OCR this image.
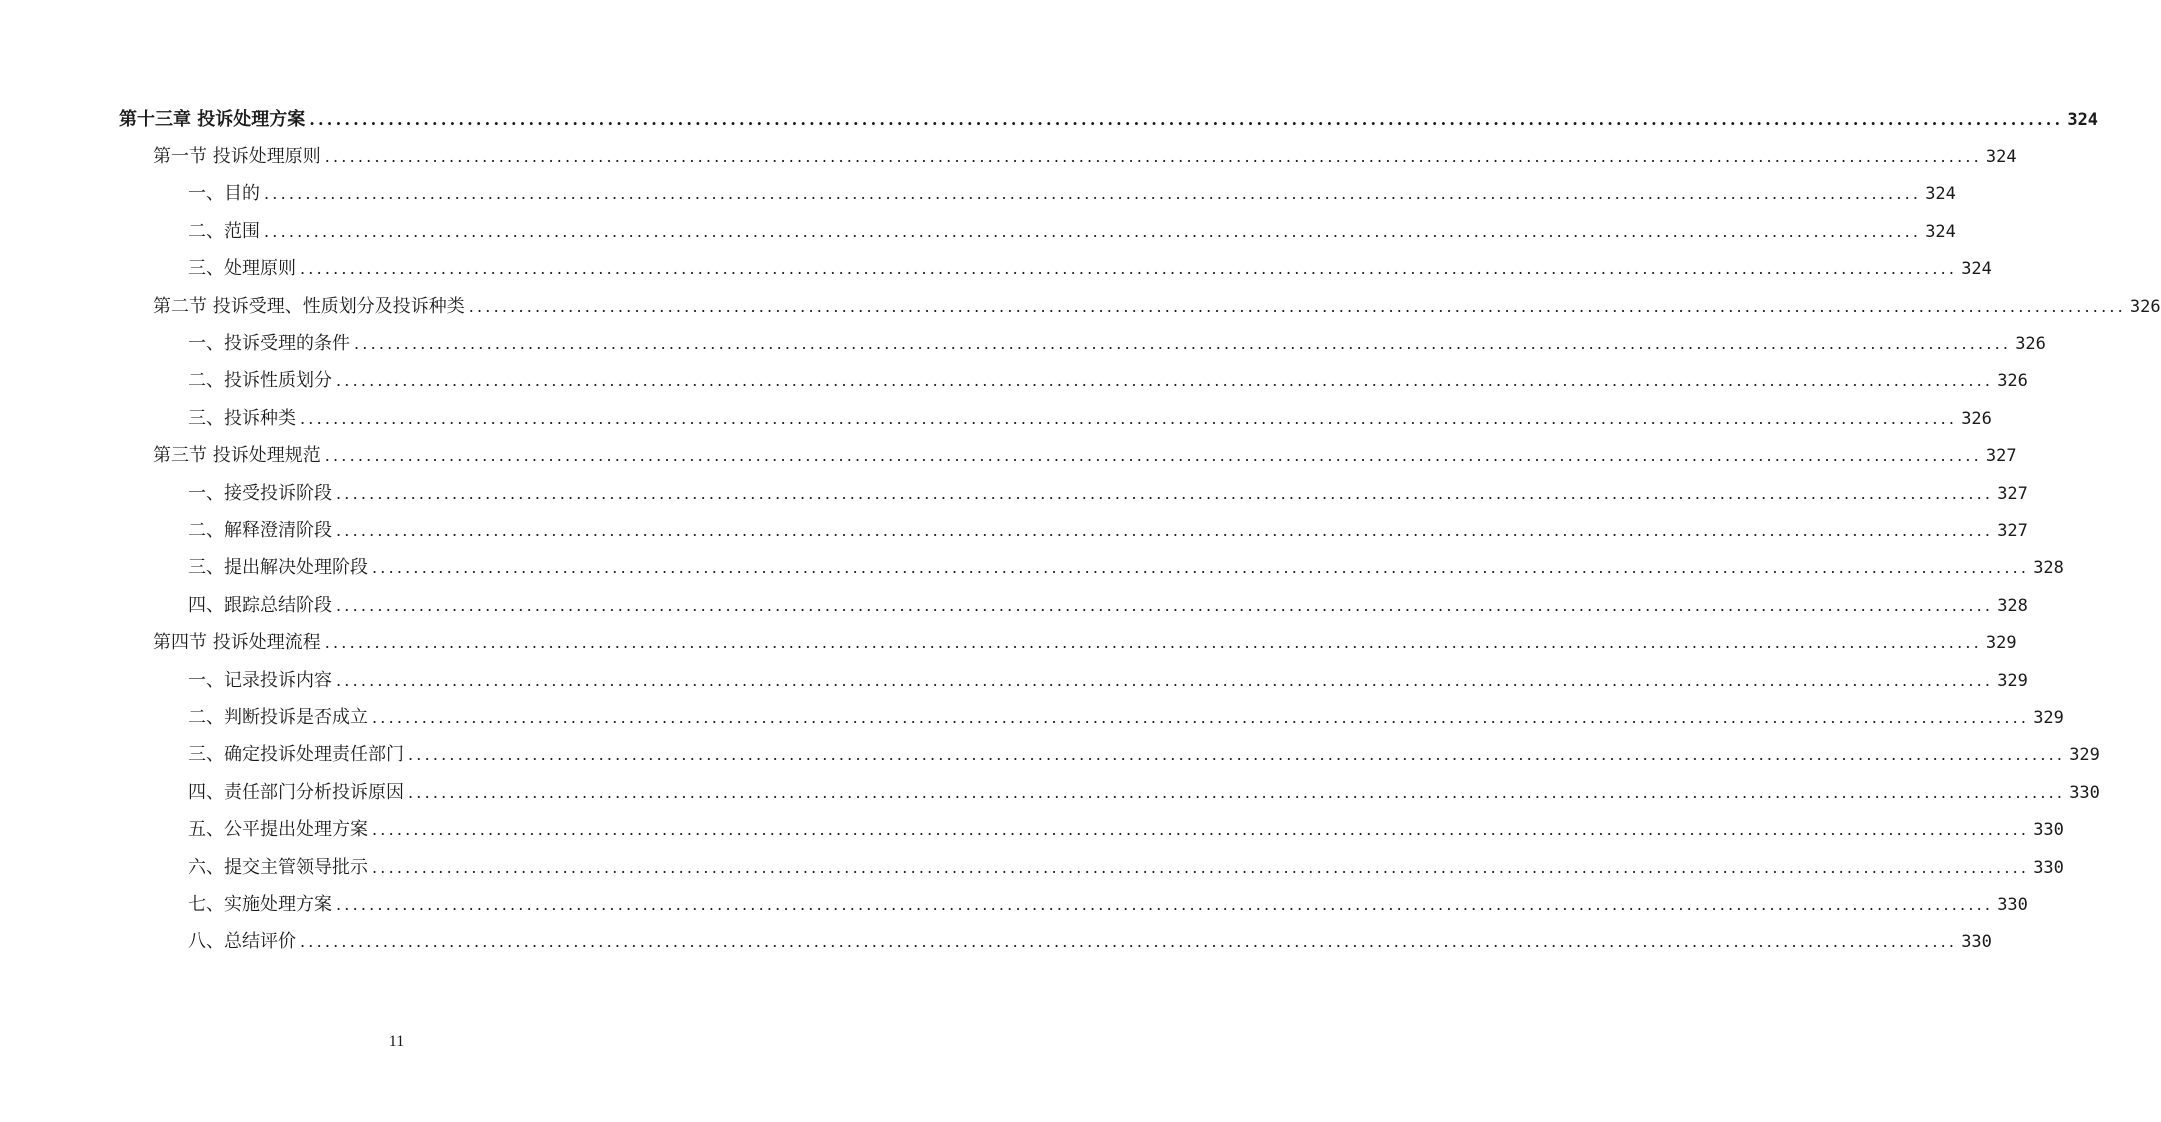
第十三章 投诉处理方案 ........................................................................................................................................................................................................ 324
第一节 投诉处理原则 ........................................................................................................................................................................................................ 324
一、目的 ........................................................................................................................................................................................................ 324
二、范围 ........................................................................................................................................................................................................ 324
三、处理原则 ........................................................................................................................................................................................................ 324
第二节 投诉受理、性质划分及投诉种类 ........................................................................................................................................................................................................ 326
一、投诉受理的条件 ........................................................................................................................................................................................................ 326
二、投诉性质划分 ........................................................................................................................................................................................................ 326
三、投诉种类 ........................................................................................................................................................................................................ 326
第三节 投诉处理规范 ........................................................................................................................................................................................................ 327
一、接受投诉阶段 ........................................................................................................................................................................................................ 327
二、解释澄清阶段 ........................................................................................................................................................................................................ 327
三、提出解决处理阶段 ........................................................................................................................................................................................................ 328
四、跟踪总结阶段 ........................................................................................................................................................................................................ 328
第四节 投诉处理流程 ........................................................................................................................................................................................................ 329
一、记录投诉内容 ........................................................................................................................................................................................................ 329
二、判断投诉是否成立 ........................................................................................................................................................................................................ 329
三、确定投诉处理责任部门 ........................................................................................................................................................................................................ 329
四、责任部门分析投诉原因 ........................................................................................................................................................................................................ 330
五、公平提出处理方案 ........................................................................................................................................................................................................ 330
六、提交主管领导批示 ........................................................................................................................................................................................................ 330
七、实施处理方案 ........................................................................................................................................................................................................ 330
八、总结评价 ........................................................................................................................................................................................................ 330
11
